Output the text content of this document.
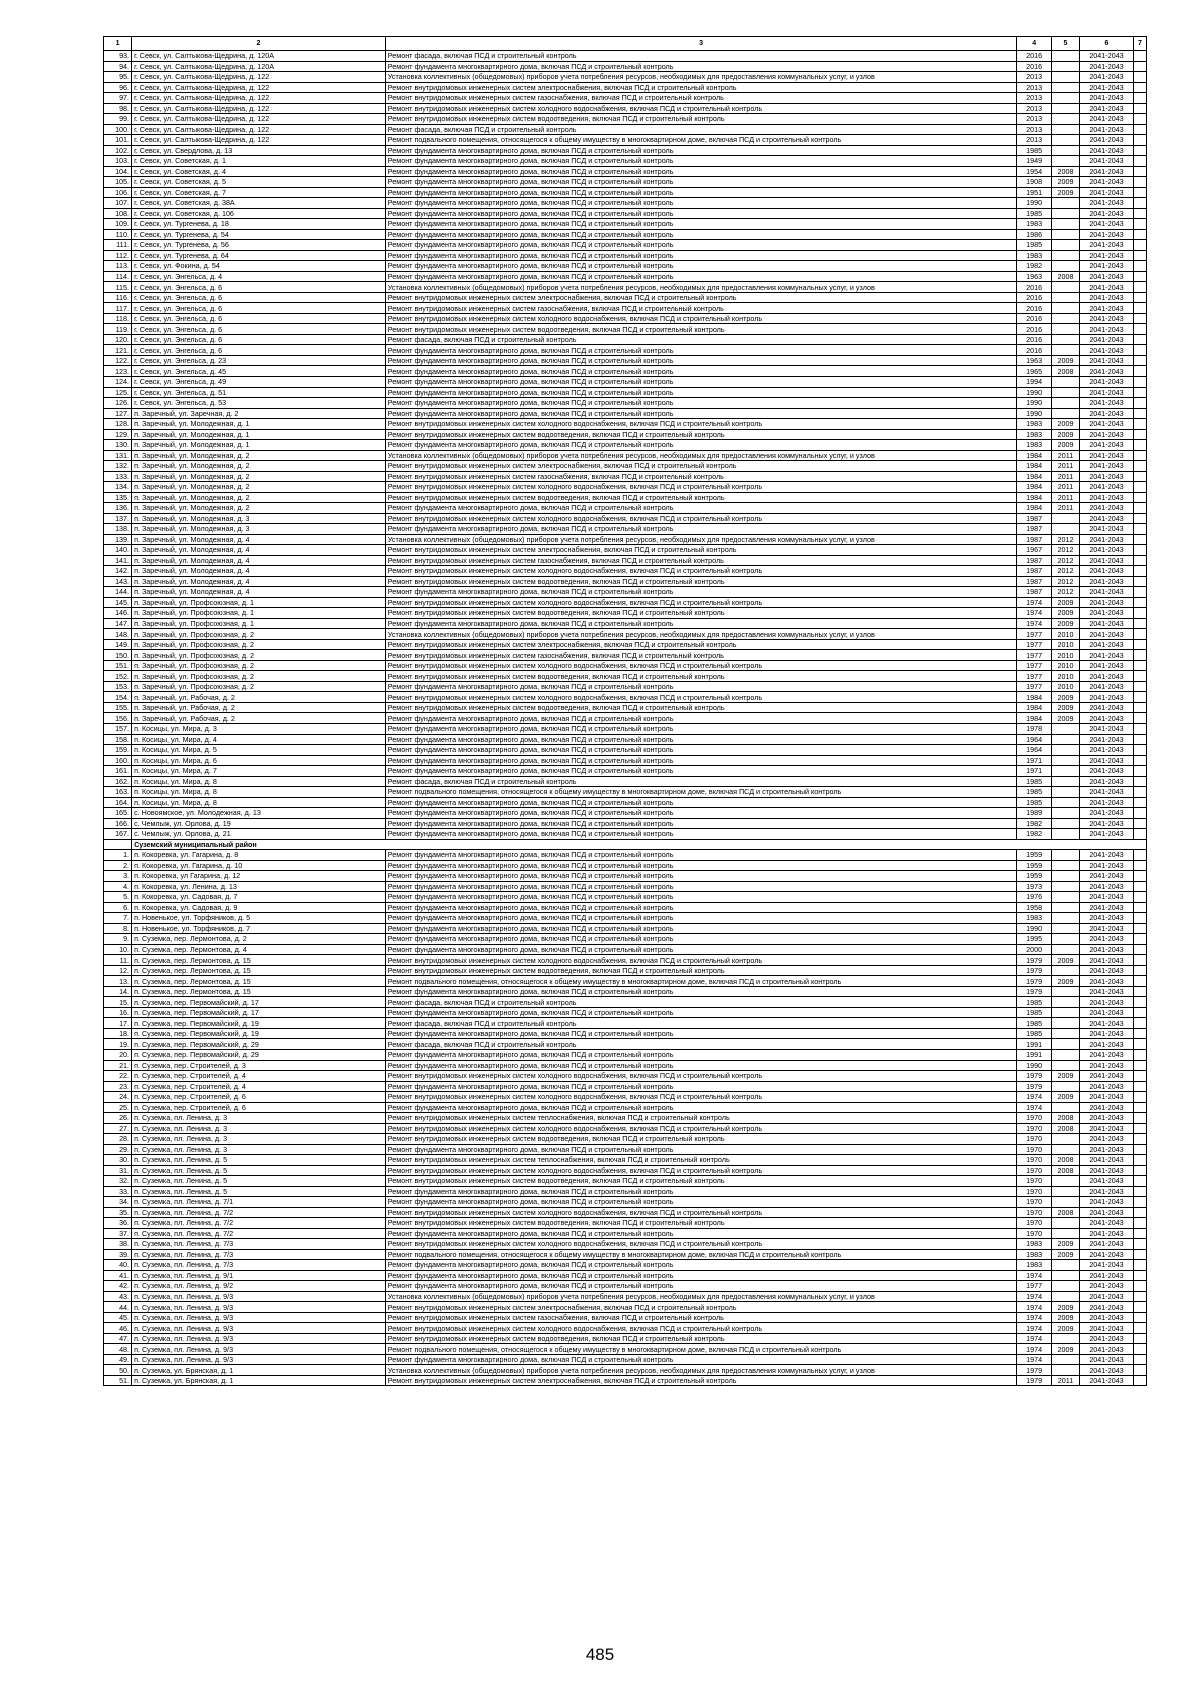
1	2	3	4	5	6	7
93.	г. Севск, ул. Салтыкова-Щедрина, д. 120А	Ремонт фасада, включая ПСД и строительный контроль	2016		2041-2043	
94.	г. Севск, ул. Салтыкова-Щедрина, д. 120А	Ремонт фундамента многоквартирного дома, включая ПСД и строительный контроль	2016		2041-2043	
95.	г. Севск, ул. Салтыкова-Щедрина, д. 122	Установка коллективных (общедомовых) приборов учета потребления ресурсов, необходимых для предоставления коммунальных услуг, и узлов	2013		2041-2043	
96.	г. Севск, ул. Салтыкова-Щедрина, д. 122	Ремонт внутридомовых инженерных систем электроснабжения, включая ПСД и строительный контроль	2013		2041-2043	
97.	г. Севск, ул. Салтыкова-Щедрина, д. 122	Ремонт внутридомовых инженерных систем газоснабжения, включая ПСД и строительный контроль	2013		2041-2043	
98.	г. Севск, ул. Салтыкова-Щедрина, д. 122	Ремонт внутридомовых инженерных систем холодного водоснабжения, включая ПСД и строительный контроль	2013		2041-2043	
99.	г. Севск, ул. Салтыкова-Щедрина, д. 122	Ремонт внутридомовых инженерных систем водоотведения, включая ПСД и строительный контроль	2013		2041-2043	
100.	г. Севск, ул. Салтыкова-Щедрина, д. 122	Ремонт фасада, включая ПСД и строительный контроль	2013		2041-2043	
101.	г. Севск, ул. Салтыкова-Щедрина, д. 122	Ремонт подвального помещения, относящегося к общему имуществу в многоквартирном доме, включая ПСД и строительный контроль	2013		2041-2043	
102.	г. Севск, ул. Свердлова, д. 13	Ремонт фундамента многоквартирного дома, включая ПСД и строительный контроль	1985		2041-2043	
103.	г. Севск, ул. Советская, д. 1	Ремонт фундамента многоквартирного дома, включая ПСД и строительный контроль	1949		2041-2043	
104.	г. Севск, ул. Советская, д. 4	Ремонт фундамента многоквартирного дома, включая ПСД и строительный контроль	1954	2008	2041-2043	
105.	г. Севск, ул. Советская, д. 5	Ремонт фундамента многоквартирного дома, включая ПСД и строительный контроль	1908	2009	2041-2043	
106.	г. Севск, ул. Советская, д. 7	Ремонт фундамента многоквартирного дома, включая ПСД и строительный контроль	1951	2009	2041-2043	
107.	г. Севск, ул. Советская, д. 38А	Ремонт фундамента многоквартирного дома, включая ПСД и строительный контроль	1990		2041-2043	
108.	г. Севск, ул. Советская, д. 106	Ремонт фундамента многоквартирного дома, включая ПСД и строительный контроль	1985		2041-2043	
109.	г. Севск, ул. Тургенева, д. 18	Ремонт фундамента многоквартирного дома, включая ПСД и строительный контроль	1983		2041-2043	
110.	г. Севск, ул. Тургенева, д. 54	Ремонт фундамента многоквартирного дома, включая ПСД и строительный контроль	1986		2041-2043	
111.	г. Севск, ул. Тургенева, д. 56	Ремонт фундамента многоквартирного дома, включая ПСД и строительный контроль	1985		2041-2043	
112.	г. Севск, ул. Тургенева, д. 64	Ремонт фундамента многоквартирного дома, включая ПСД и строительный контроль	1983		2041-2043	
113.	г. Севск, ул. Фокина, д. 54	Ремонт фундамента многоквартирного дома, включая ПСД и строительный контроль	1982		2041-2043	
114.	г. Севск, ул. Энгельса, д. 4	Ремонт фундамента многоквартирного дома, включая ПСД и строительный контроль	1963	2008	2041-2043	
115.	г. Севск, ул. Энгельса, д. 6	Установка коллективных (общедомовых) приборов учета потребления ресурсов, необходимых для предоставления коммунальных услуг, и узлов	2016		2041-2043	
116.	г. Севск, ул. Энгельса, д. 6	Ремонт внутридомовых инженерных систем электроснабжения, включая ПСД и строительный контроль	2016		2041-2043	
117.	г. Севск, ул. Энгельса, д. 6	Ремонт внутридомовых инженерных систем газоснабжения, включая ПСД и строительный контроль	2016		2041-2043	
118.	г. Севск, ул. Энгельса, д. 6	Ремонт внутридомовых инженерных систем холодного водоснабжения, включая ПСД и строительный контроль	2016		2041-2043	
119.	г. Севск, ул. Энгельса, д. 6	Ремонт внутридомовых инженерных систем водоотведения, включая ПСД и строительный контроль	2016		2041-2043	
120.	г. Севск, ул. Энгельса, д. 6	Ремонт фасада, включая ПСД и строительный контроль	2016		2041-2043	
121.	г. Севск, ул. Энгельса, д. 6	Ремонт фундамента многоквартирного дома, включая ПСД и строительный контроль	2016		2041-2043	
122.	г. Севск, ул. Энгельса, д. 23	Ремонт фундамента многоквартирного дома, включая ПСД и строительный контроль	1963	2009	2041-2043	
123.	г. Севск, ул. Энгельса, д. 45	Ремонт фундамента многоквартирного дома, включая ПСД и строительный контроль	1965	2008	2041-2043	
124.	г. Севск, ул. Энгельса, д. 49	Ремонт фундамента многоквартирного дома, включая ПСД и строительный контроль	1994		2041-2043	
125.	г. Севск, ул. Энгельса, д. 51	Ремонт фундамента многоквартирного дома, включая ПСД и строительный контроль	1990		2041-2043	
126.	г. Севск, ул. Энгельса, д. 53	Ремонт фундамента многоквартирного дома, включая ПСД и строительный контроль	1990		2041-2043	
127.	п. Заречный, ул. Заречная, д. 2	Ремонт фундамента многоквартирного дома, включая ПСД и строительный контроль	1990		2041-2043	
128.	п. Заречный, ул. Молодежная, д. 1	Ремонт внутридомовых инженерных систем холодного водоснабжения, включая ПСД и строительный контроль	1983	2009	2041-2043	
129.	п. Заречный, ул. Молодежная, д. 1	Ремонт внутридомовых инженерных систем водоотведения, включая ПСД и строительный контроль	1983	2009	2041-2043	
130.	п. Заречный, ул. Молодежная, д. 1	Ремонт фундамента многоквартирного дома, включая ПСД и строительный контроль	1983	2009	2041-2043	
131.	п. Заречный, ул. Молодежная, д. 2	Установка коллективных (общедомовых) приборов учета потребления ресурсов, необходимых для предоставления коммунальных услуг, и узлов	1984	2011	2041-2043	
132.	п. Заречный, ул. Молодежная, д. 2	Ремонт внутридомовых инженерных систем электроснабжения, включая ПСД и строительный контроль	1984	2011	2041-2043	
133.	п. Заречный, ул. Молодежная, д. 2	Ремонт внутридомовых инженерных систем газоснабжения, включая ПСД и строительный контроль	1984	2011	2041-2043	
134.	п. Заречный, ул. Молодежная, д. 2	Ремонт внутридомовых инженерных систем холодного водоснабжения, включая ПСД и строительный контроль	1984	2011	2041-2043	
135.	п. Заречный, ул. Молодежная, д. 2	Ремонт внутридомовых инженерных систем водоотведения, включая ПСД и строительный контроль	1984	2011	2041-2043	
136.	п. Заречный, ул. Молодежная, д. 2	Ремонт фундамента многоквартирного дома, включая ПСД и строительный контроль	1984	2011	2041-2043	
137.	п. Заречный, ул. Молодежная, д. 3	Ремонт внутридомовых инженерных систем холодного водоснабжения, включая ПСД и строительный контроль	1987		2041-2043	
138.	п. Заречный, ул. Молодежная, д. 3	Ремонт фундамента многоквартирного дома, включая ПСД и строительный контроль	1987		2041-2043	
139.	п. Заречный, ул. Молодежная, д. 4	Установка коллективных (общедомовых) приборов учета потребления ресурсов, необходимых для предоставления коммунальных услуг, и узлов	1987	2012	2041-2043	
140.	п. Заречный, ул. Молодежная, д. 4	Ремонт внутридомовых инженерных систем электроснабжения, включая ПСД и строительный контроль	1967	2012	2041-2043	
141.	п. Заречный, ул. Молодежная, д. 4	Ремонт внутридомовых инженерных систем газоснабжения, включая ПСД и строительный контроль	1987	2012	2041-2043	
142.	п. Заречный, ул. Молодежная, д. 4	Ремонт внутридомовых инженерных систем холодного водоснабжения, включая ПСД и строительный контроль	1987	2012	2041-2043	
143.	п. Заречный, ул. Молодежная, д. 4	Ремонт внутридомовых инженерных систем водоотведения, включая ПСД и строительный контроль	1987	2012	2041-2043	
144.	п. Заречный, ул. Молодежная, д. 4	Ремонт фундамента многоквартирного дома, включая ПСД и строительный контроль	1987	2012	2041-2043	
145.	п. Заречный, ул. Профсоюзная, д. 1	Ремонт внутридомовых инженерных систем холодного водоснабжения, включая ПСД и строительный контроль	1974	2009	2041-2043	
146.	п. Заречный, ул. Профсоюзная, д. 1	Ремонт внутридомовых инженерных систем водоотведения, включая ПСД и строительный контроль	1974	2009	2041-2043	
147.	п. Заречный, ул. Профсоюзная, д. 1	Ремонт фундамента многоквартирного дома, включая ПСД и строительный контроль	1974	2009	2041-2043	
148.	п. Заречный, ул. Профсоюзная, д. 2	Установка коллективных (общедомовых) приборов учета потребления ресурсов, необходимых для предоставления коммунальных услуг, и узлов	1977	2010	2041-2043	
149.	п. Заречный, ул. Профсоюзная, д. 2	Ремонт внутридомовых инженерных систем электроснабжения, включая ПСД и строительный контроль	1977	2010	2041-2043	
150.	п. Заречный, ул. Профсоюзная, д. 2	Ремонт внутридомовых инженерных систем газоснабжения, включая ПСД и строительный контроль	1977	2010	2041-2043	
151.	п. Заречный, ул. Профсоюзная, д. 2	Ремонт внутридомовых инженерных систем холодного водоснабжения, включая ПСД и строительный контроль	1977	2010	2041-2043	
152.	п. Заречный, ул. Профсоюзная, д. 2	Ремонт внутридомовых инженерных систем водоотведения, включая ПСД и строительный контроль	1977	2010	2041-2043	
153.	п. Заречный, ул. Профсоюзная, д. 2	Ремонт фундамента многоквартирного дома, включая ПСД и строительный контроль	1977	2010	2041-2043	
154.	п. Заречный, ул. Рабочая, д. 2	Ремонт внутридомовых инженерных систем холодного водоснабжения, включая ПСД и строительный контроль	1984	2009	2041-2043	
155.	п. Заречный, ул. Рабочая, д. 2	Ремонт внутридомовых инженерных систем водоотведения, включая ПСД и строительный контроль	1984	2009	2041-2043	
156.	п. Заречный, ул. Рабочая, д. 2	Ремонт фундамента многоквартирного дома, включая ПСД и строительный контроль	1984	2009	2041-2043	
157.	п. Косицы, ул. Мира, д. 3	Ремонт фундамента многоквартирного дома, включая ПСД и строительный контроль	1978		2041-2043	
158.	п. Косицы, ул. Мира, д. 4	Ремонт фундамента многоквартирного дома, включая ПСД и строительный контроль	1964		2041-2043	
159.	п. Косицы, ул. Мира, д. 5	Ремонт фундамента многоквартирного дома, включая ПСД и строительный контроль	1964		2041-2043	
160.	п. Косицы, ул. Мира, д. 6	Ремонт фундамента многоквартирного дома, включая ПСД и строительный контроль	1971		2041-2043	
161.	п. Косицы, ул. Мира, д. 7	Ремонт фундамента многоквартирного дома, включая ПСД и строительный контроль	1971		2041-2043	
162.	п. Косицы, ул. Мира, д. 8	Ремонт фасада, включая ПСД и строительный контроль	1985		2041-2043	
163.	п. Косицы, ул. Мира, д. 8	Ремонт подвального помещения, относящегося к общему имуществу в многоквартирном доме, включая ПСД и строительный контроль	1985		2041-2043	
164.	п. Косицы, ул. Мира, д. 8	Ремонт фундамента многоквартирного дома, включая ПСД и строительный контроль	1985		2041-2043	
165.	с. Новоямское, ул. Молодежная, д. 13	Ремонт фундамента многоквартирного дома, включая ПСД и строительный контроль	1989		2041-2043	
166.	с. Чемлыж, ул. Орлова, д. 19	Ремонт фундамента многоквартирного дома, включая ПСД и строительный контроль	1982		2041-2043	
167.	с. Чемлыж, ул. Орлова, д. 21	Ремонт фундамента многоквартирного дома, включая ПСД и строительный контроль	1982		2041-2043	
	Суземский муниципальный район					
1.	п. Кокоревка, ул. Гагарина, д. 8	Ремонт фундамента многоквартирного дома, включая ПСД и строительный контроль	1959		2041-2043	
2.	п. Кокоревка, ул. Гагарина, д. 10	Ремонт фундамента многоквартирного дома, включая ПСД и строительный контроль	1959		2041-2043	
3.	п. Кокоревка, ул Гагарина, д. 12	Ремонт фундамента многоквартирного дома, включая ПСД и строительный контроль	1959		2041-2043	
4.	п. Кокоревка, ул. Ленина, д. 13	Ремонт фундамента многоквартирного дома, включая ПСД и строительный контроль	1973		2041-2043	
5.	п. Кокоревка, ул. Садовая, д. 7	Ремонт фундамента многоквартирного дома, включая ПСД и строительный контроль	1976		2041-2043	
6.	п. Кокоревка, ул. Садовая, д. 9	Ремонт фундамента многоквартирного дома, включая ПСД и строительный контроль	1958		2041-2043	
7.	п. Новенькое, ул. Торфяников, д. 5	Ремонт фундамента многоквартирного дома, включая ПСД и строительный контроль	1983		2041-2043	
8.	п. Новенькое, ул. Торфяников, д. 7	Ремонт фундамента многоквартирного дома, включая ПСД и строительный контроль	1990		2041-2043	
9.	п. Суземка, пер. Лермонтова, д. 2	Ремонт фундамента многоквартирного дома, включая ПСД и строительный контроль	1995		2041-2043	
10.	п. Суземка, пер. Лермонтова, д. 4	Ремонт фундамента многоквартирного дома, включая ПСД и строительный контроль	2000		2041-2043	
11.	п. Суземка, пер. Лермонтова, д. 15	Ремонт внутридомовых инженерных систем холодного водоснабжения, включая ПСД и строительный контроль	1979	2009	2041-2043	
12.	п. Суземка, пер. Лермонтова, д. 15	Ремонт внутридомовых инженерных систем водоотведения, включая ПСД и строительный контроль	1979		2041-2043	
13.	п. Суземка, пер. Лермонтова, д. 15	Ремонт подвального помещения, относящегося к общему имуществу в многоквартирном доме, включая ПСД и строительный контроль	1979	2009	2041-2043	
14.	п. Суземка, пер. Лермонтова, д. 15	Ремонт фундамента многоквартирного дома, включая ПСД и строительный контроль	1979		2041-2043	
15.	п. Суземка, пер. Первомайский, д. 17	Ремонт фасада, включая ПСД и строительный контроль	1985		2041-2043	
16.	п. Суземка, пер. Первомайский, д. 17	Ремонт фундамента многоквартирного дома, включая ПСД и строительный контроль	1985		2041-2043	
17.	п. Суземка, пер. Первомайский, д. 19	Ремонт фасада, включая ПСД и строительный контроль	1985		2041-2043	
18.	п. Суземка, пер. Первомайский, д. 19	Ремонт фундамента многоквартирного дома, включая ПСД и строительный контроль	1985		2041-2043	
19.	п. Суземка, пер. Первомайский, д. 29	Ремонт фасада, включая ПСД и строительный контроль	1991		2041-2043	
20.	п. Суземка, пер. Первомайский, д. 29	Ремонт фундамента многоквартирного дома, включая ПСД и строительный контроль	1991		2041-2043	
21.	п. Суземка, пер. Строителей, д. 3	Ремонт фундамента многоквартирного дома, включая ПСД и строительный контроль	1990		2041-2043	
22.	п. Суземка, пер. Строителей, д. 4	Ремонт внутридомовых инженерных систем холодного водоснабжения, включая ПСД и строительный контроль	1979	2009	2041-2043	
23.	п. Суземка, пер. Строителей, д. 4	Ремонт фундамента многоквартирного дома, включая ПСД и строительный контроль	1979		2041-2043	
24.	п. Суземка, пер. Строителей, д. 6	Ремонт внутридомовых инженерных систем холодного водоснабжения, включая ПСД и строительный контроль	1974	2009	2041-2043	
25.	п. Суземка, пер. Строителей, д. 6	Ремонт фундамента многоквартирного дома, включая ПСД и строительный контроль	1974		2041-2043	
26.	п. Суземка, пл. Ленина, д. 3	Ремонт внутридомовых инженерных систем теплоснабжения, включая ПСД и строительный контроль	1970	2008	2041-2043	
27.	п. Суземка, пл. Ленина, д. 3	Ремонт внутридомовых инженерных систем холодного водоснабжения, включая ПСД и строительный контроль	1970	2008	2041-2043	
28.	п. Суземка, пл. Ленина, д. 3	Ремонт внутридомовых инженерных систем водоотведения, включая ПСД и строительный контроль	1970		2041-2043	
29.	п. Суземка, пл. Ленина, д. 3	Ремонт фундамента многоквартирного дома, включая ПСД и строительный контроль	1970		2041-2043	
30.	п. Суземка, пл. Ленина, д. 5	Ремонт внутридомовых инженерных систем теплоснабжения, включая ПСД и строительный контроль	1970	2008	2041-2043	
31.	п. Суземка, пл. Ленина, д. 5	Ремонт внутридомовых инженерных систем холодного водоснабжения, включая ПСД и строительный контроль	1970	2008	2041-2043	
32.	п. Суземка, пл. Ленина, д. 5	Ремонт внутридомовых инженерных систем водоотведения, включая ПСД и строительный контроль	1970		2041-2043	
33.	п. Суземка, пл. Ленина, д. 5	Ремонт фундамента многоквартирного дома, включая ПСД и строительный контроль	1970		2041-2043	
34.	п. Суземка, пл. Ленина, д. 7/1	Ремонт фундамента многоквартирного дома, включая ПСД и строительный контроль	1970		2041-2043	
35.	п. Суземка, пл. Ленина, д. 7/2	Ремонт внутридомовых инженерных систем холодного водоснабжения, включая ПСД и строительный контроль	1970	2008	2041-2043	
36.	п. Суземка, пл. Ленина, д. 7/2	Ремонт внутридомовых инженерных систем водоотведения, включая ПСД и строительный контроль	1970		2041-2043	
37.	п. Суземка, пл. Ленина, д. 7/2	Ремонт фундамента многоквартирного дома, включая ПСД и строительный контроль	1970		2041-2043	
38.	п. Суземка, пл. Ленина, д. 7/3	Ремонт внутридомовых инженерных систем холодного водоснабжения, включая ПСД и строительный контроль	1983	2009	2041-2043	
39.	п. Суземка, пл. Ленина, д. 7/3	Ремонт подвального помещения, относящегося к общему имуществу в многоквартирном доме, включая ПСД и строительный контроль	1983	2009	2041-2043	
40.	п. Суземка, пл. Ленина, д. 7/3	Ремонт фундамента многоквартирного дома, включая ПСД и строительный контроль	1983		2041-2043	
41.	п. Суземка, пл. Ленина, д. 9/1	Ремонт фундамента многоквартирного дома, включая ПСД и строительный контроль	1974		2041-2043	
42.	п. Суземка, пл. Ленина, д. 9/2	Ремонт фундамента многоквартирного дома, включая ПСД и строительный контроль	1977		2041-2043	
43.	п. Суземка, пл. Ленина, д. 9/3	Установка коллективных (общедомовых) приборов учета потребления ресурсов, необходимых для предоставления коммунальных услуг, и узлов	1974		2041-2043	
44.	п. Суземка, пл. Ленина, д. 9/3	Ремонт внутридомовых инженерных систем электроснабжения, включая ПСД и строительный контроль	1974	2009	2041-2043	
45.	п. Суземка, пл. Ленина, д. 9/3	Ремонт внутридомовых инженерных систем газоснабжения, включая ПСД и строительный контроль	1974	2009	2041-2043	
46.	п. Суземка, пл. Ленина, д. 9/3	Ремонт внутридомовых инженерных систем холодного водоснабжения, включая ПСД и строительный контроль	1974	2009	2041-2043	
47.	п. Суземка, пл. Ленина, д. 9/3	Ремонт внутридомовых инженерных систем водоотведения, включая ПСД и строительный контроль	1974		2041-2043	
48.	п. Суземка, пл. Ленина, д. 9/3	Ремонт подвального помещения, относящегося к общему имуществу в многоквартирном доме, включая ПСД и строительный контроль	1974	2009	2041-2043	
49.	п. Суземка, пл. Ленина, д. 9/3	Ремонт фундамента многоквартирного дома, включая ПСД и строительный контроль	1974		2041-2043	
50.	п. Суземка, ул. Брянская, д. 1	Установка коллективных (общедомовых) приборов учета потребления ресурсов, необходимых для предоставления коммунальных услуг, и узлов	1979		2041-2043	
51.	п. Суземка, ул. Брянская, д. 1	Ремонт внутридомовых инженерных систем электроснабжения, включая ПСД и строительный контроль	1979	2011	2041-2043	
485
